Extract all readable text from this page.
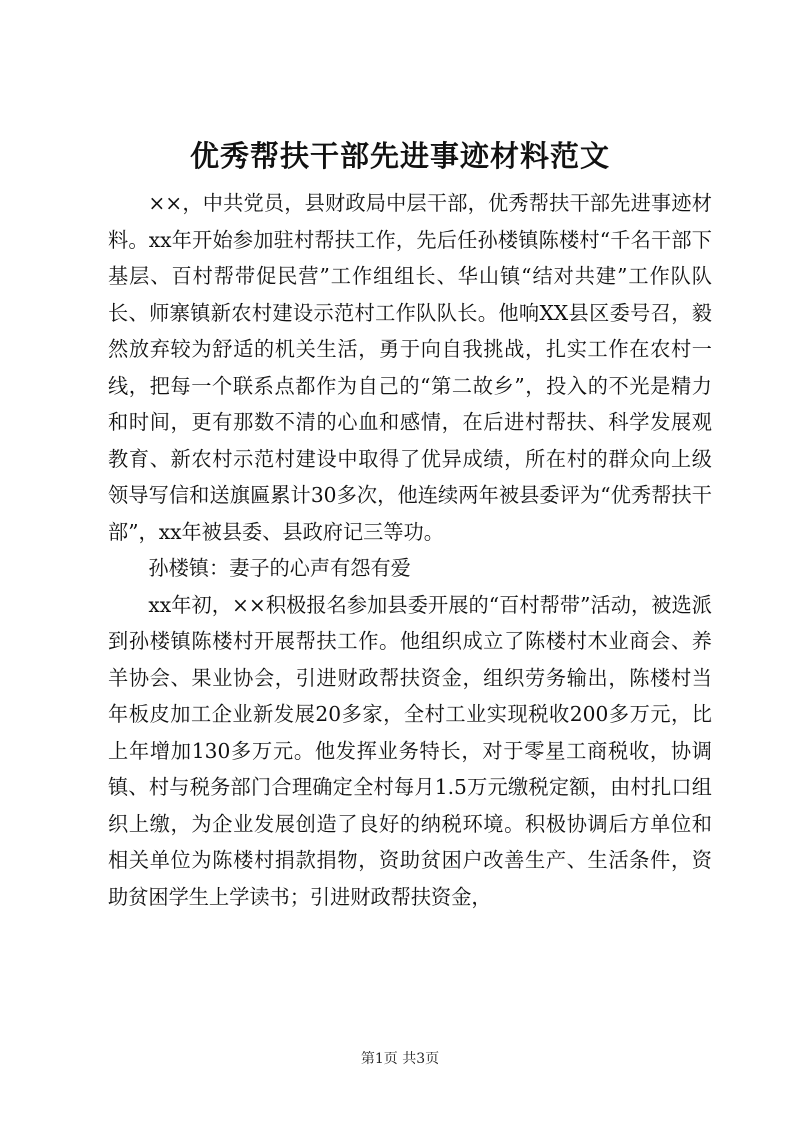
优秀帮扶干部先进事迹材料范文

××，中共党员，县财政局中层干部，优秀帮扶干部先进事迹材料。xx年开始参加驻村帮扶工作，先后任孙楼镇陈楼村“千名干部下基层、百村帮带促民营”工作组组长、华山镇“结对共建”工作队队长、师寨镇新农村建设示范村工作队队长。他响XX县区委号召，毅然放弃较为舒适的机关生活，勇于向自我挑战，扎实工作在农村一线，把每一个联系点都作为自己的“第二故乡”，投入的不光是精力和时间，更有那数不清的心血和感情，在后进村帮扶、科学发展观教育、新农村示范村建设中取得了优异成绩，所在村的群众向上级领导写信和送旗匾累计30多次，他连续两年被县委评为“优秀帮扶干部”，xx年被县委、县政府记三等功。

孙楼镇：妻子的心声有怨有爱

xx年初，××积极报名参加县委开展的“百村帮带”活动，被选派到孙楼镇陈楼村开展帮扶工作。他组织成立了陈楼村木业商会、养羊协会、果业协会，引进财政帮扶资金，组织劳务输出，陈楼村当年板皮加工企业新发展20多家，全村工业实现税收200多万元，比上年增加130多万元。他发挥业务特长，对于零星工商税收，协调镇、村与税务部门合理确定全村每月1.5万元缴税定额，由村扎口组织上缴，为企业发展创造了良好的纳税环境。积极协调后方单位和相关单位为陈楼村捐款捐物，资助贫困户改善生产、生活条件，资助贫困学生上学读书；引进财政帮扶资金，

第1页 共3页
